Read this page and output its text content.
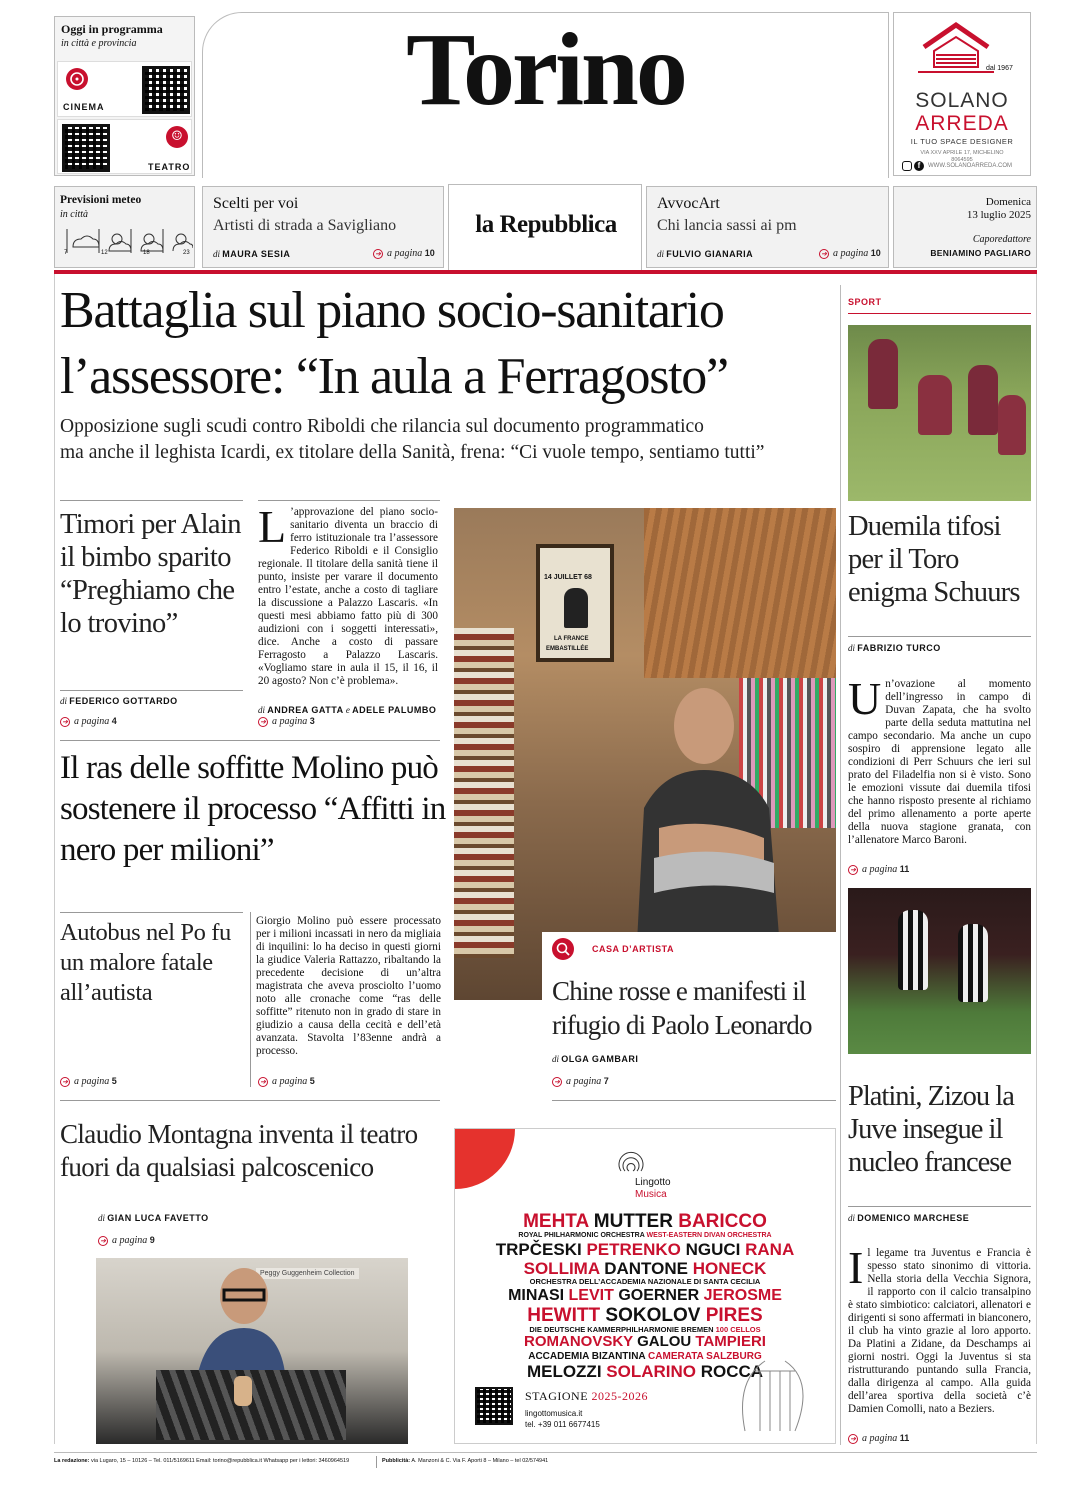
Oggi in programma
in città e provincia
CINEMA
☺
TEATRO
Torino	dal 1967
SOLANO
ARREDA
IL TUO SPACE DESIGNER
VIA XXV APRILE 17, MICHELINO
8064595
f	WWW.SOLANOARREDA.COM
Previsioni meteo
in città
7	12	18	23
Scelti per voi
Artisti di strada a Savigliano
di MAURA SESIA	➔ a pagina 10
la Repubblica
AvvocArt
Chi lancia sassi ai pm
di FULVIO GIANARIA	➔ a pagina 10
Domenica
13 luglio 2025
Caporedattore
BENIAMINO PAGLIARO
Battaglia sul piano socio-sanitario
l’assessore: “In aula a Ferragosto”
Opposizione sugli scudi contro Riboldi che rilancia sul documento programmatico
ma anche il leghista Icardi, ex titolare della Sanità, frena: “Ci vuole tempo, sentiamo tutti”
Timori per Alain il bimbo sparito “Preghiamo che lo trovino”
di FEDERICO GOTTARDO
➔ a pagina 4
L ’approvazione del piano socio-sanitario diventa un braccio di ferro istituzionale tra l’assessore Federico Riboldi e il Consiglio regionale. Il titolare della sanità tiene il punto, insiste per varare il documento entro l’estate, anche a costo di tagliare la discussione a Palazzo Lascaris. «In questi mesi abbiamo fatto più di 300 audizioni con i soggetti interessati», dice. Anche a costo di passare Ferragosto a Palazzo Lascaris. «Vogliamo stare in aula il 15, il 16, il 20 agosto? Non c’è problema».
di ANDREA GATTA e ADELE PALUMBO
➔ a pagina 3
Il ras delle soffitte Molino può sostenere il processo “Affitti in nero per milioni”
Autobus nel Po fu un malore fatale all’autista
➔ a pagina 5
Giorgio Molino può essere processato per i milioni incassati in nero da migliaia di inquilini: lo ha deciso in questi giorni la giudice Valeria Rattazzo, ribaltando la precedente decisione di un’altra magistrata che aveva prosciolto l’uomo noto alle cronache come “ras delle soffitte” ritenuto non in grado di stare in giudizio a causa della cecità e dell’età avanzata. Stavolta l’83enne andrà a processo.
➔ a pagina 5
14 JUILLET 68
LA FRANCE
EMBASTILLÉE
CASA D’ARTISTA
Chine rosse e manifesti il rifugio di Paolo Leonardo
di OLGA GAMBARI
➔ a pagina 7
Claudio Montagna inventa il teatro fuori da qualsiasi palcoscenico
di GIAN LUCA FAVETTO
➔ a pagina 9
Peggy Guggenheim Collection
Lingotto
Musica
MEHTA MUTTER BARICCO
ROYAL PHILHARMONIC ORCHESTRA WEST-EASTERN DIVAN ORCHESTRA
TRPČESKI PETRENKO NGUCI RANA
SOLLIMA DANTONE HONECK
ORCHESTRA DELL’ACCADEMIA NAZIONALE DI SANTA CECILIA
MINASI LEVIT GOERNER JEROSME
HEWITT SOKOLOV PIRES
DIE DEUTSCHE KAMMERPHILHARMONIE BREMEN 100 CELLOS
ROMANOVSKY GALOU TAMPIERI
ACCADEMIA BIZANTINA CAMERATA SALZBURG
MELOZZI SOLARINO ROCCA
STAGIONE 2025-2026
lingottomusica.it
tel. +39 011 6677415
SPORT
Duemila tifosi per il Toro enigma Schuurs
di FABRIZIO TURCO
Un’ovazione al momento dell’ingresso in campo di Duvan Zapata, che ha svolto parte della seduta mattutina nel campo secondario. Ma anche un cupo sospiro di apprensione legato alle condizioni di Perr Schuurs che ieri sul prato del Filadelfia non si è visto. Sono le emozioni vissute dai duemila tifosi che hanno risposto presente al richiamo del primo allenamento a porte aperte della nuova stagione granata, con l’allenatore Marco Baroni.
➔ a pagina 11
Platini, Zizou la Juve insegue il nucleo francese
di DOMENICO MARCHESE
Il legame tra Juventus e Francia è spesso stato sinonimo di vittoria. Nella storia della Vecchia Signora, il rapporto con il calcio transalpino è stato simbiotico: calciatori, allenatori e dirigenti si sono affermati in bianconero, il club ha vinto grazie al loro apporto. Da Platini a Zidane, da Deschamps ai giorni nostri. Oggi la Juventus si sta ristrutturando puntando sulla Francia, dalla dirigenza al campo. Alla guida dell’area sportiva della società c’è Damien Comolli, nato a Beziers.
➔ a pagina 11
La redazione: via Lugaro, 15 – 10126 – Tel. 011/5169611 Email: torino@repubblica.it Whatsapp per i lettori: 3460964519	Pubblicità: A. Manzoni & C. Via F. Aporti 8 – Milano – tel 02/574941
